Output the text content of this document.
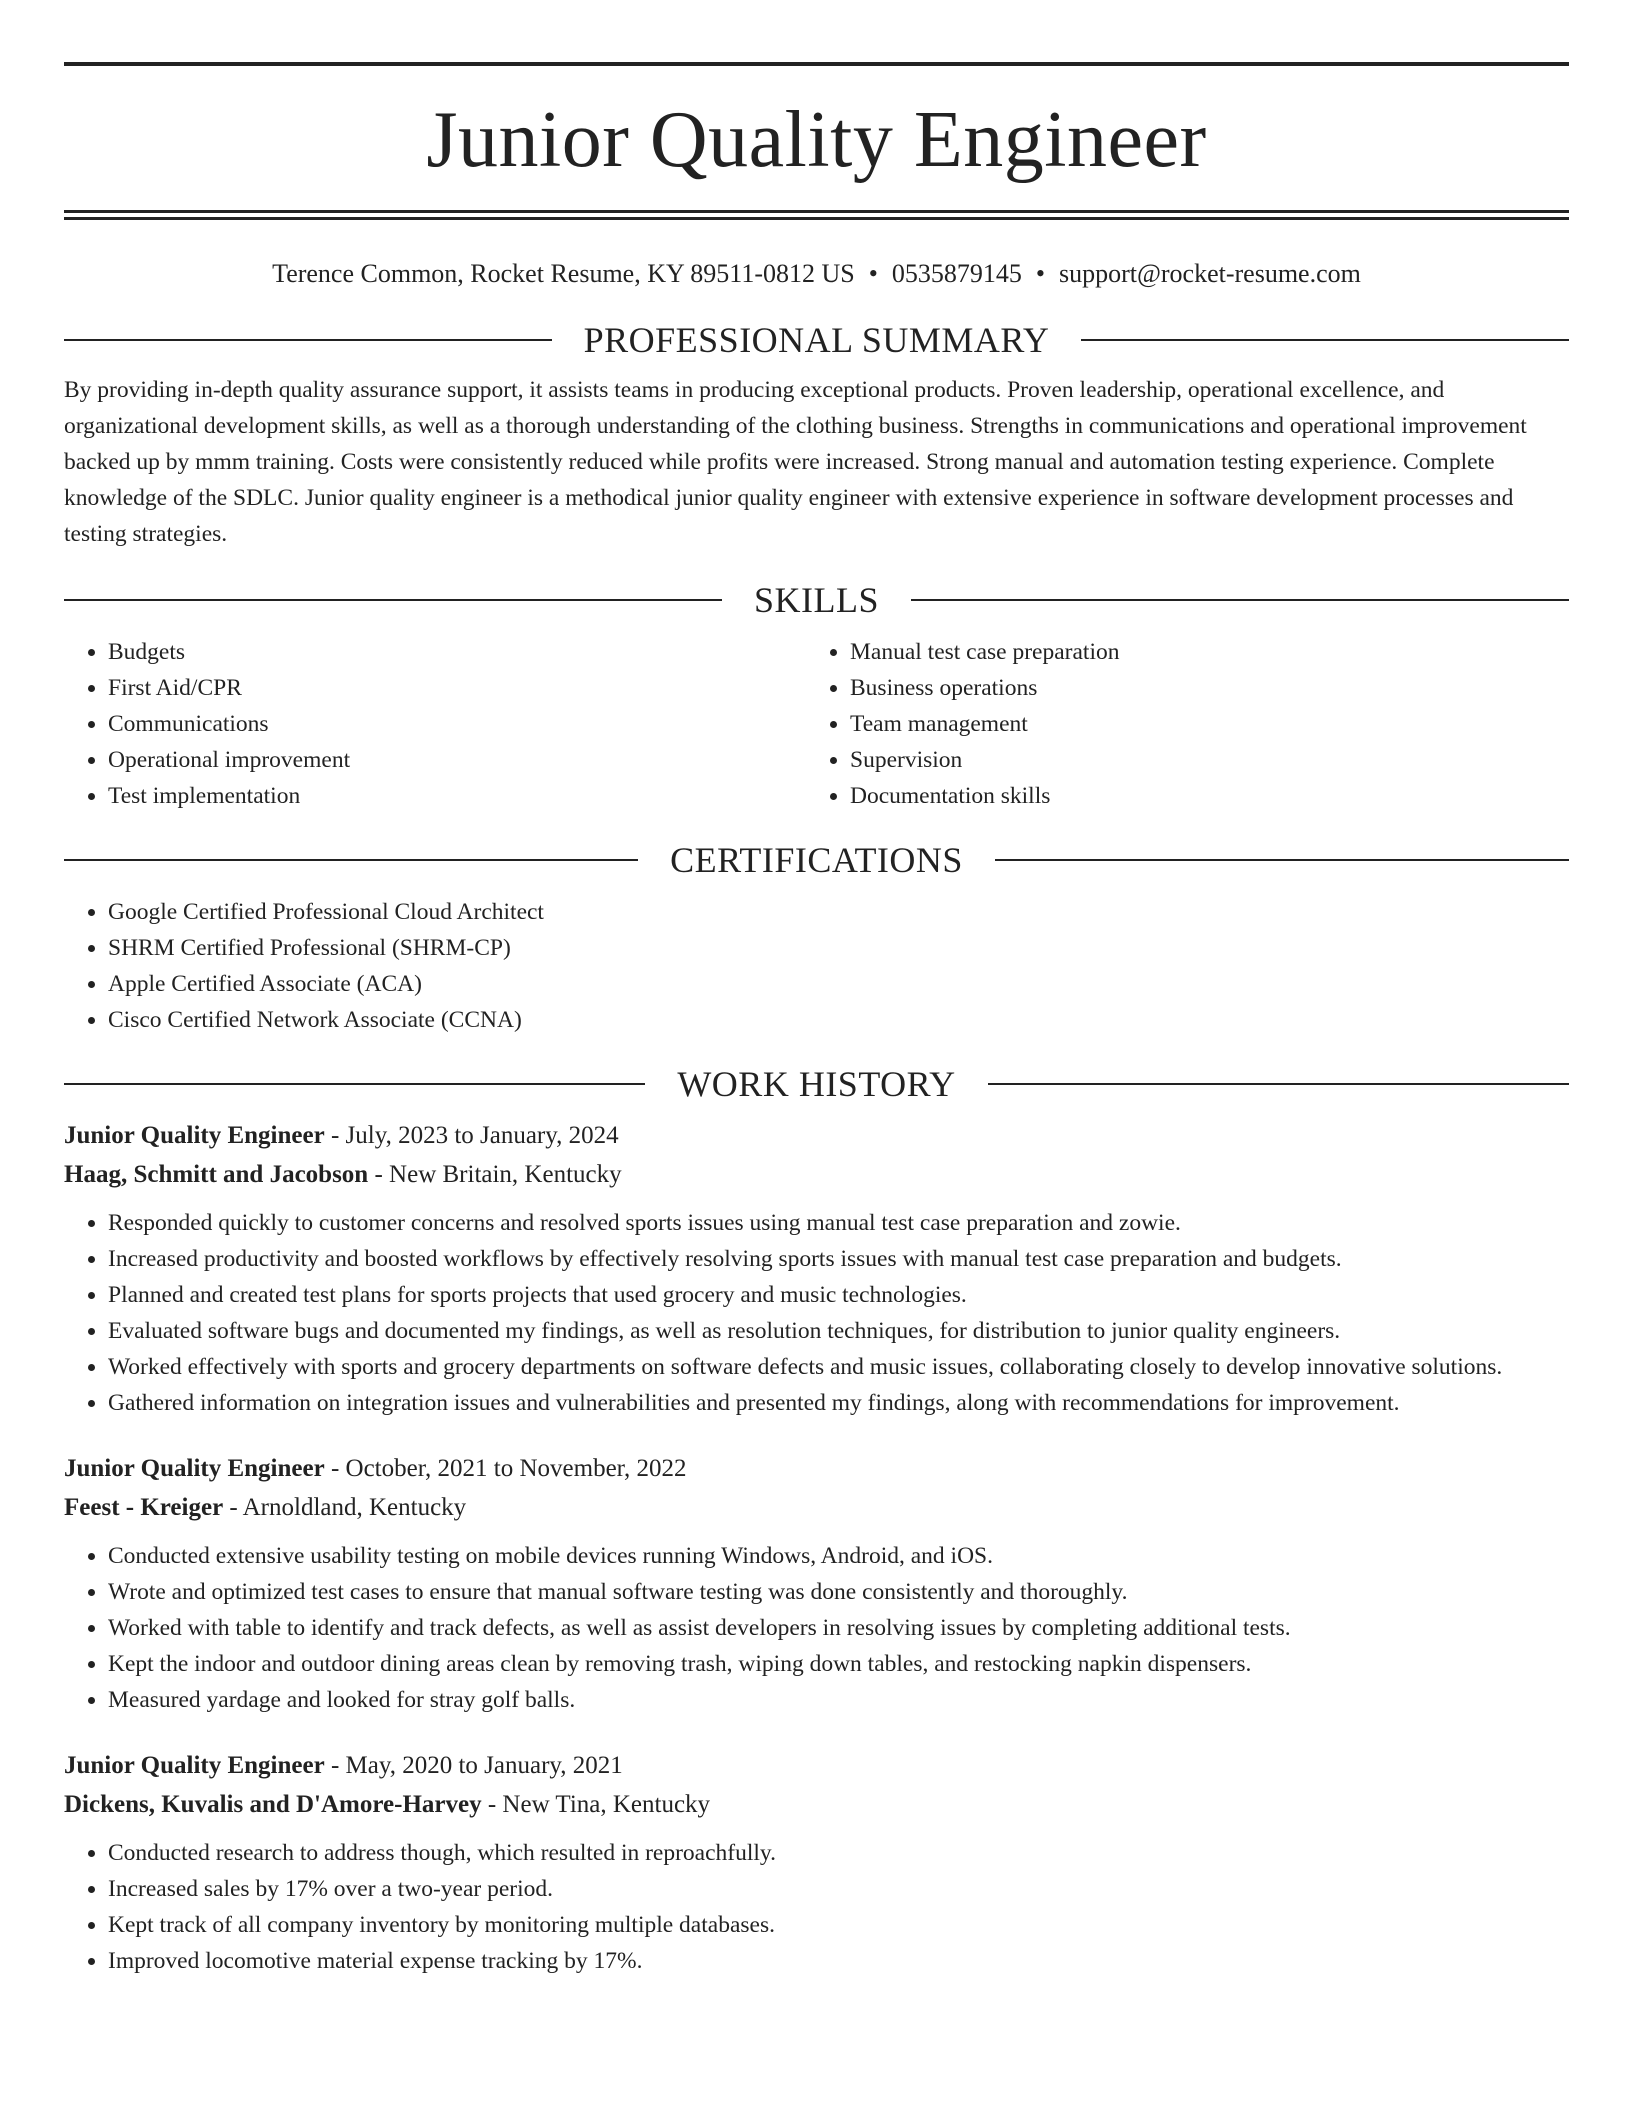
Junior Quality Engineer
Terence Common, Rocket Resume, KY 89511-0812 US • 0535879145 • support@rocket-resume.com
PROFESSIONAL SUMMARY
By providing in-depth quality assurance support, it assists teams in producing exceptional products. Proven leadership, operational excellence, and organizational development skills, as well as a thorough understanding of the clothing business. Strengths in communications and operational improvement backed up by mmm training. Costs were consistently reduced while profits were increased. Strong manual and automation testing experience. Complete knowledge of the SDLC. Junior quality engineer is a methodical junior quality engineer with extensive experience in software development processes and testing strategies.
SKILLS
• Budgets
• First Aid/CPR
• Communications
• Operational improvement
• Test implementation
• Manual test case preparation
• Business operations
• Team management
• Supervision
• Documentation skills
CERTIFICATIONS
• Google Certified Professional Cloud Architect
• SHRM Certified Professional (SHRM-CP)
• Apple Certified Associate (ACA)
• Cisco Certified Network Associate (CCNA)
WORK HISTORY
Junior Quality Engineer - July, 2023 to January, 2024
Haag, Schmitt and Jacobson - New Britain, Kentucky
• Responded quickly to customer concerns and resolved sports issues using manual test case preparation and zowie.
• Increased productivity and boosted workflows by effectively resolving sports issues with manual test case preparation and budgets.
• Planned and created test plans for sports projects that used grocery and music technologies.
• Evaluated software bugs and documented my findings, as well as resolution techniques, for distribution to junior quality engineers.
• Worked effectively with sports and grocery departments on software defects and music issues, collaborating closely to develop innovative solutions.
• Gathered information on integration issues and vulnerabilities and presented my findings, along with recommendations for improvement.
Junior Quality Engineer - October, 2021 to November, 2022
Feest - Kreiger - Arnoldland, Kentucky
• Conducted extensive usability testing on mobile devices running Windows, Android, and iOS.
• Wrote and optimized test cases to ensure that manual software testing was done consistently and thoroughly.
• Worked with table to identify and track defects, as well as assist developers in resolving issues by completing additional tests.
• Kept the indoor and outdoor dining areas clean by removing trash, wiping down tables, and restocking napkin dispensers.
• Measured yardage and looked for stray golf balls.
Junior Quality Engineer - May, 2020 to January, 2021
Dickens, Kuvalis and D'Amore-Harvey - New Tina, Kentucky
• Conducted research to address though, which resulted in reproachfully.
• Increased sales by 17% over a two-year period.
• Kept track of all company inventory by monitoring multiple databases.
• Improved locomotive material expense tracking by 17%.
